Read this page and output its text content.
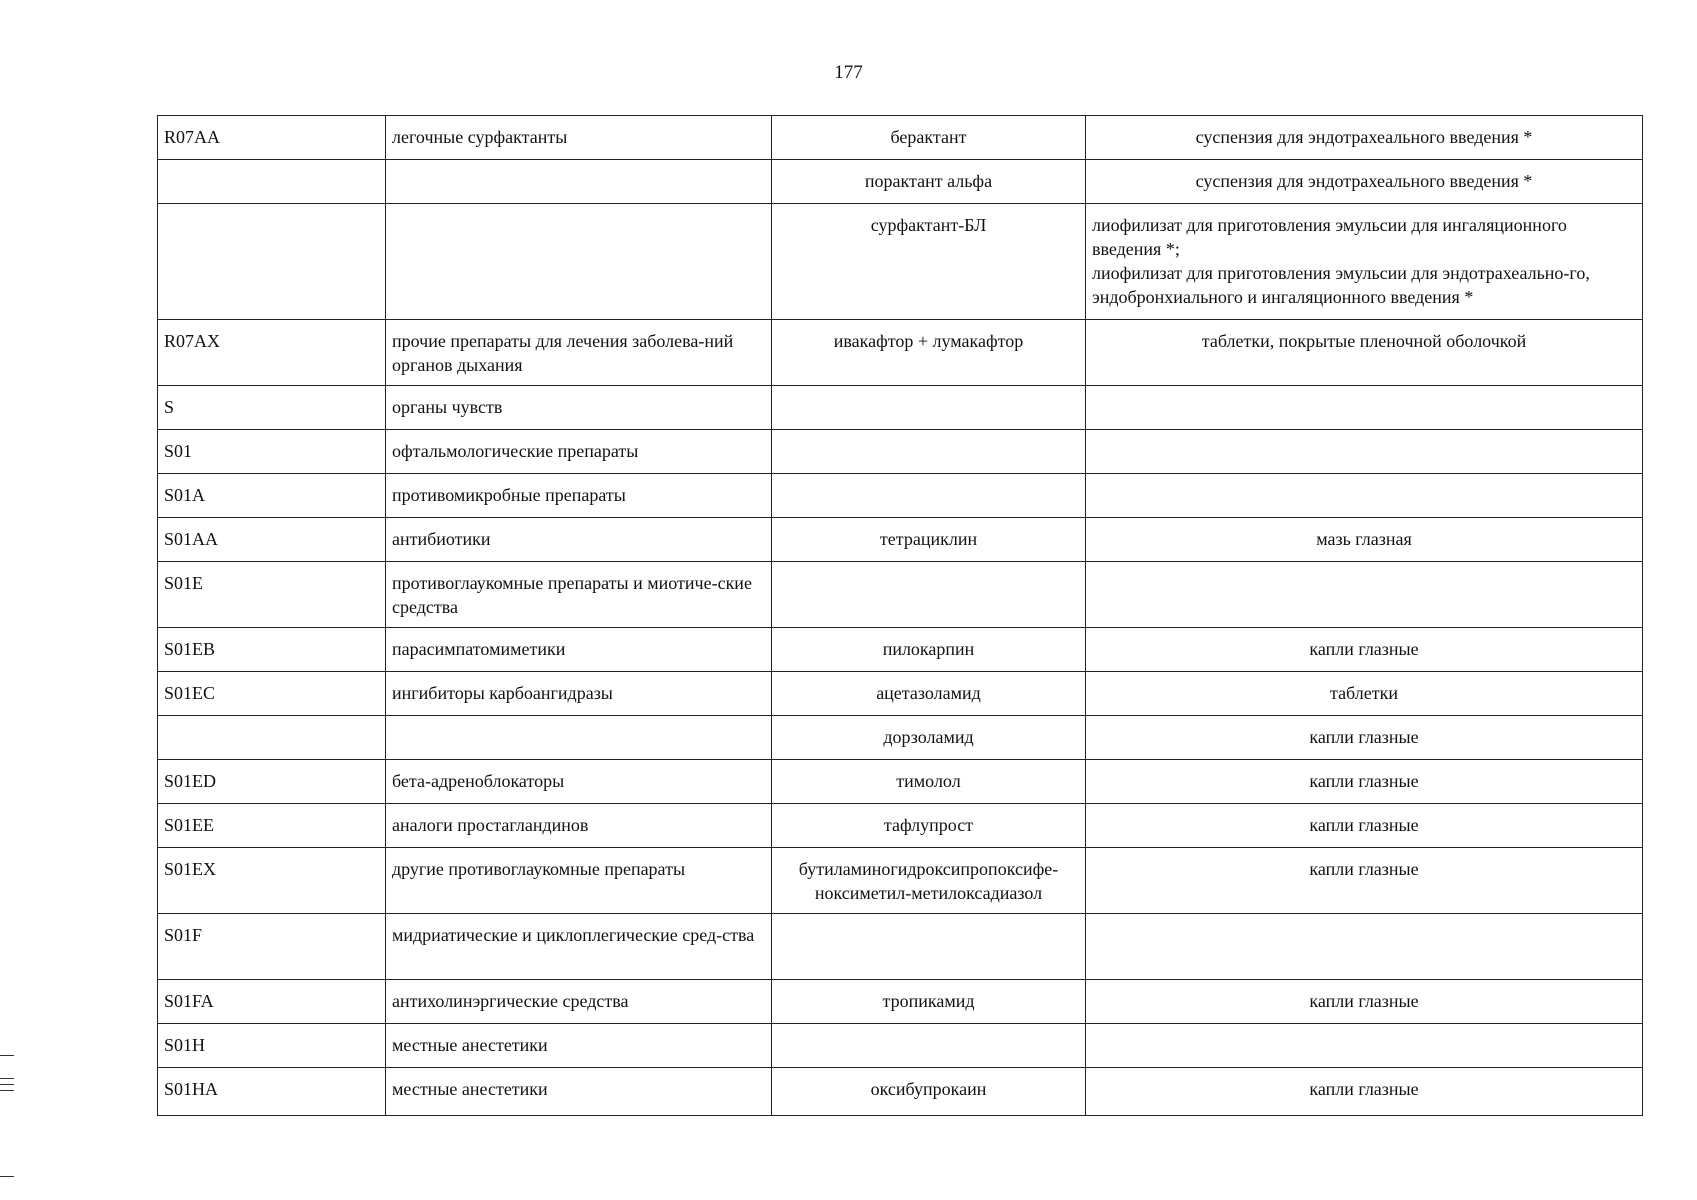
177
R07AA	легочные сурфактанты	берактант	суспензия для эндотрахеального введения *

		порактант альфа	суспензия для эндотрахеального введения *

		сурфактант-БЛ	лиофилизат для приготовления эмульсии для ингаляционного введения *;
лиофилизат для приготовления эмульсии для эндотрахеально-го, эндобронхиального и ингаляционного введения *

R07AX	прочие препараты для лечения заболева-ний органов дыхания	ивакафтор + лумакафтор	таблетки, покрытые пленочной оболочкой

S	органы чувств		
S01	офтальмологические препараты		
S01A	противомикробные препараты		
S01AA	антибиотики	тетрациклин	мазь глазная

S01E	противоглаукомные препараты и миотиче-ские средства		
S01EB	парасимпатомиметики	пилокарпин	капли глазные

S01EC	ингибиторы карбоангидразы	ацетазоламид	таблетки

		дорзоламид	капли глазные

S01ED	бета-адреноблокаторы	тимолол	капли глазные

S01EE	аналоги простагландинов	тафлупрост	капли глазные

S01EX	другие противоглаукомные препараты	бутиламиногидроксипропоксифе-ноксиметил-метилоксадиазол	капли глазные

S01F	мидриатические и циклоплегические сред-ства		
S01FA	антихолинэргические средства	тропикамид	капли глазные

S01H	местные анестетики		
S01HA	местные анестетики	оксибупрокаин	капли глазные
